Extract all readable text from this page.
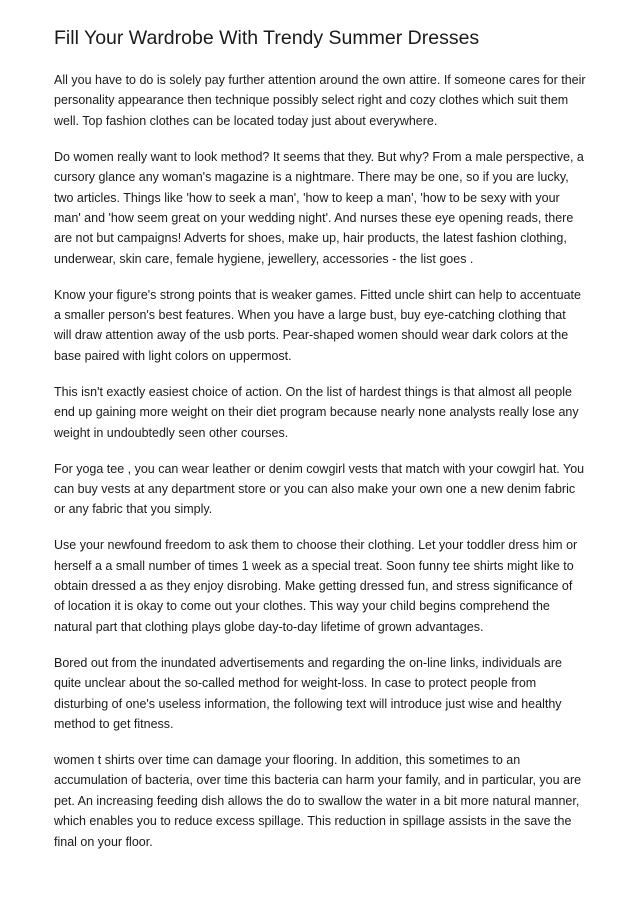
Fill Your Wardrobe With Trendy Summer Dresses

All you have to do is solely pay further attention around the own attire. If someone cares for their personality appearance then technique possibly select right and cozy clothes which suit them well. Top fashion clothes can be located today just about everywhere.

Do women really want to look method? It seems that they. But why? From a male perspective, a cursory glance any woman's magazine is a nightmare. There may be one, so if you are lucky, two articles. Things like 'how to seek a man', 'how to keep a man', 'how to be sexy with your man' and 'how seem great on your wedding night'. And nurses these eye opening reads, there are not but campaigns! Adverts for shoes, make up, hair products, the latest fashion clothing, underwear, skin care, female hygiene, jewellery, accessories - the list goes .

Know your figure's strong points that is weaker games. Fitted uncle shirt can help to accentuate a smaller person's best features. When you have a large bust, buy eye-catching clothing that will draw attention away of the usb ports. Pear-shaped women should wear dark colors at the base paired with light colors on uppermost.

This isn't exactly easiest choice of action. On the list of hardest things is that almost all people end up gaining more weight on their diet program because nearly none analysts really lose any weight in undoubtedly seen other courses.

For yoga tee , you can wear leather or denim cowgirl vests that match with your cowgirl hat. You can buy vests at any department store or you can also make your own one a new denim fabric or any fabric that you simply.

Use your newfound freedom to ask them to choose their clothing. Let your toddler dress him or herself a a small number of times 1 week as a special treat. Soon funny tee shirts might like to obtain dressed a as they enjoy disrobing. Make getting dressed fun, and stress significance of of location it is okay to come out your clothes. This way your child begins comprehend the natural part that clothing plays globe day-to-day lifetime of grown advantages.

Bored out from the inundated advertisements and regarding the on-line links, individuals are quite unclear about the so-called method for weight-loss. In case to protect people from disturbing of one's useless information, the following text will introduce just wise and healthy method to get fitness.

women t shirts over time can damage your flooring. In addition, this sometimes to an accumulation of bacteria, over time this bacteria can harm your family, and in particular, you are pet. An increasing feeding dish allows the do to swallow the water in a bit more natural manner, which enables you to reduce excess spillage. This reduction in spillage assists in the save the final on your floor.
